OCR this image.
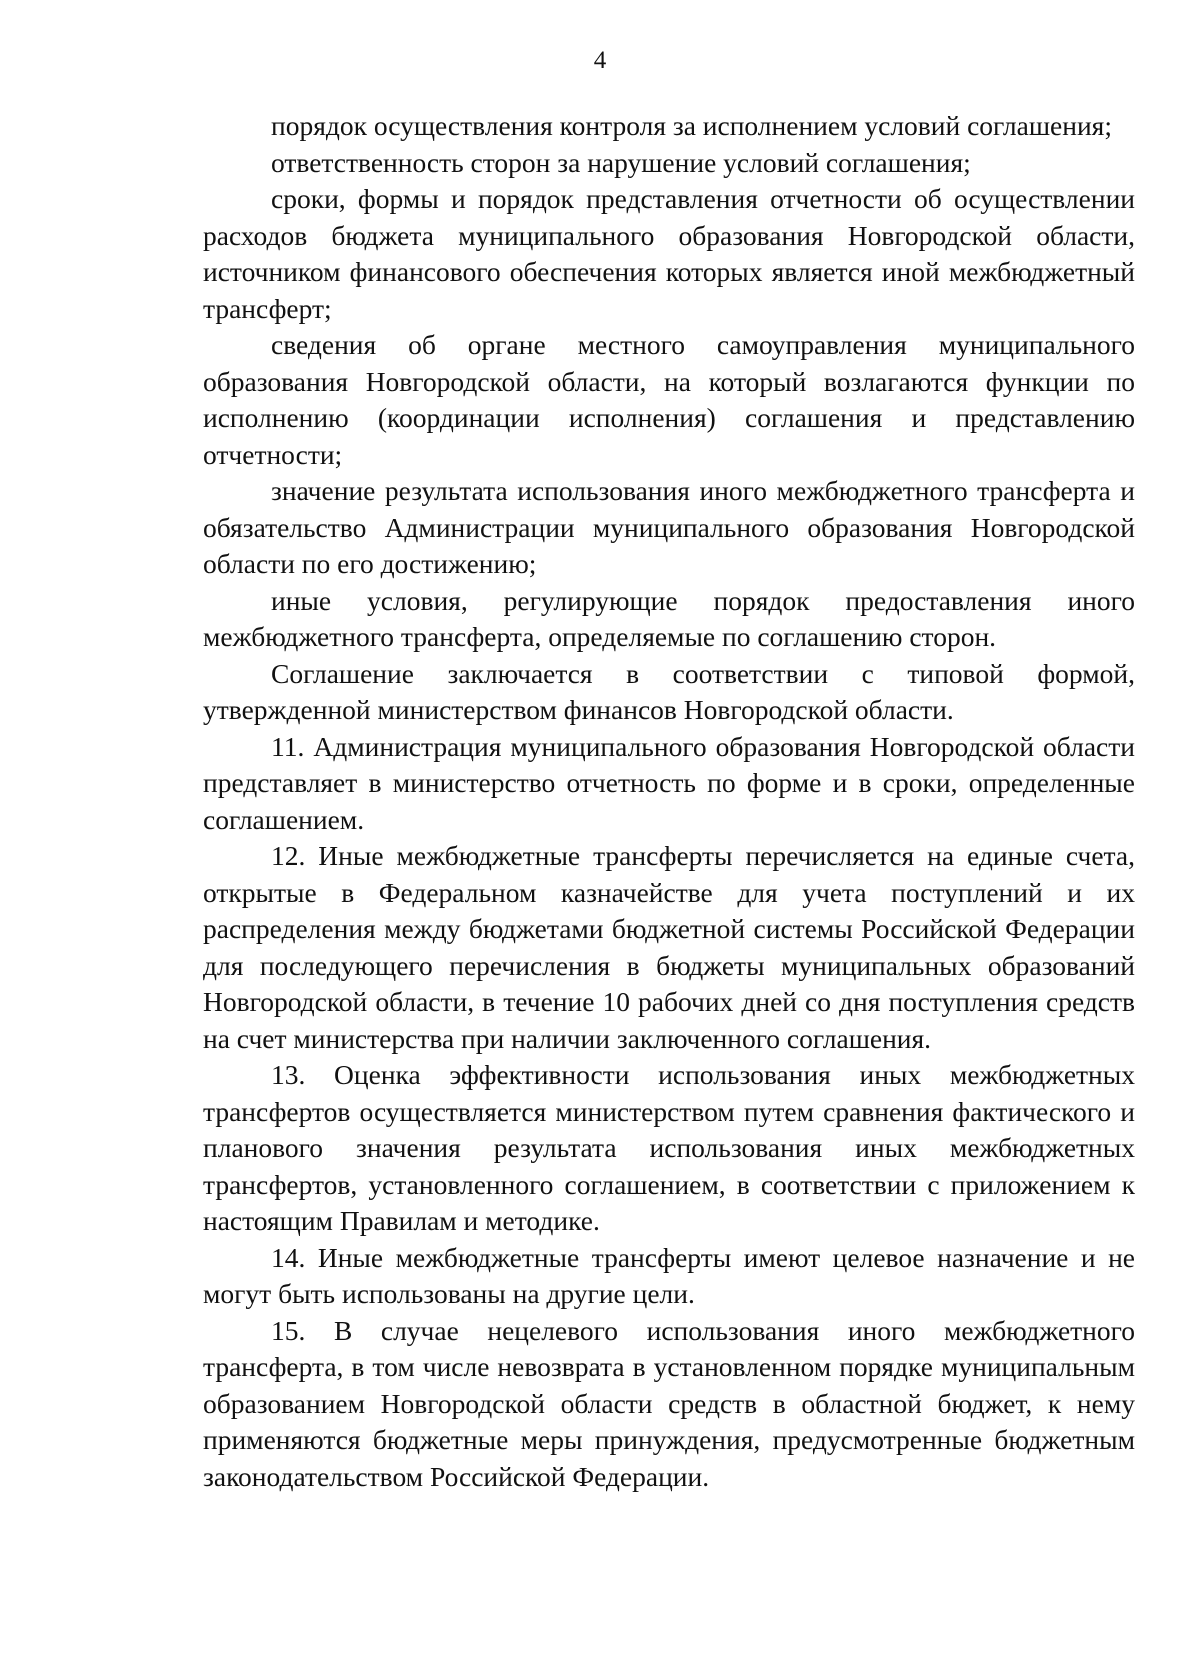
4

порядок осуществления контроля за исполнением условий соглашения;

ответственность сторон за нарушение условий соглашения;

сроки, формы и порядок представления отчетности об осуществлении расходов бюджета муниципального образования Новгородской области, источником финансового обеспечения которых является иной межбюджетный трансферт;

сведения об органе местного самоуправления муниципального образования Новгородской области, на который возлагаются функции по исполнению (координации исполнения) соглашения и представлению отчетности;

значение результата использования иного межбюджетного трансферта и обязательство Администрации муниципального образования Новгородской области по его достижению;

иные условия, регулирующие порядок предоставления иного межбюджетного трансферта, определяемые по соглашению сторон.

Соглашение заключается в соответствии с типовой формой, утвержденной министерством финансов Новгородской области.

11. Администрация муниципального образования Новгородской области представляет в министерство отчетность по форме и в сроки, определенные соглашением.

12. Иные межбюджетные трансферты перечисляется на единые счета, открытые в Федеральном казначействе для учета поступлений и их распределения между бюджетами бюджетной системы Российской Федерации для последующего перечисления в бюджеты муниципальных образований Новгородской области, в течение 10 рабочих дней со дня поступления средств на счет министерства при наличии заключенного соглашения.

13. Оценка эффективности использования иных межбюджетных трансфертов осуществляется министерством путем сравнения фактического и планового значения результата использования иных межбюджетных трансфертов, установленного соглашением, в соответствии с приложением к настоящим Правилам и методике.

14. Иные межбюджетные трансферты имеют целевое назначение и не могут быть использованы на другие цели.

15. В случае нецелевого использования иного межбюджетного трансферта, в том числе невозврата в установленном порядке муниципальным образованием Новгородской области средств в областной бюджет, к нему применяются бюджетные меры принуждения, предусмотренные бюджетным законодательством Российской Федерации.
